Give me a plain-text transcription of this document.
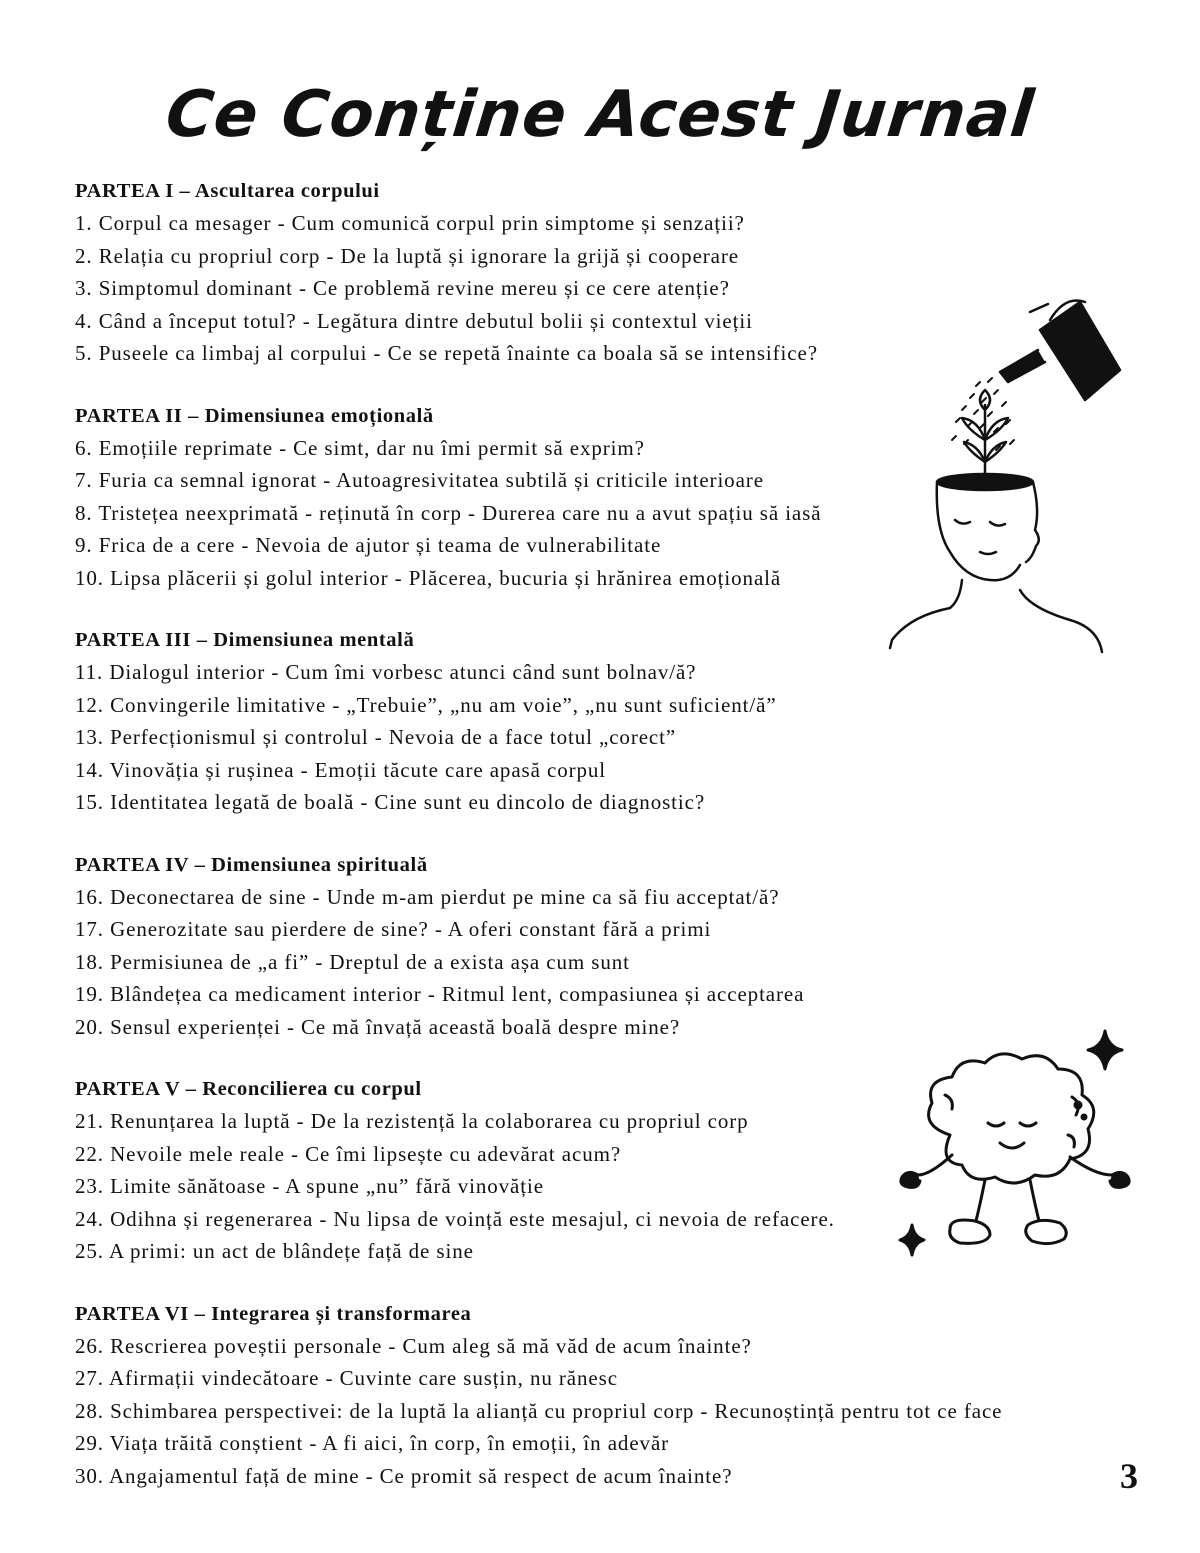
Ce Conține Acest Jurnal

PARTEA I – Ascultarea corpului

1. Corpul ca mesager - Cum comunică corpul prin simptome și senzații?

2. Relația cu propriul corp - De la luptă și ignorare la grijă și cooperare

3. Simptomul dominant - Ce problemă revine mereu și ce cere atenție?

4. Când a început totul? - Legătura dintre debutul bolii și contextul vieții

5. Puseele ca limbaj al corpului - Ce se repetă înainte ca boala să se intensifice?

PARTEA II – Dimensiunea emoțională

6. Emoțiile reprimate - Ce simt, dar nu îmi permit să exprim?

7. Furia ca semnal ignorat - Autoagresivitatea subtilă și criticile interioare

8. Tristețea neexprimată - reținută în corp - Durerea care nu a avut spațiu să iasă

9. Frica de a cere - Nevoia de ajutor și teama de vulnerabilitate

10. Lipsa plăcerii și golul interior - Plăcerea, bucuria și hrănirea emoțională

PARTEA III – Dimensiunea mentală

11. Dialogul interior - Cum îmi vorbesc atunci când sunt bolnav/ă?

12. Convingerile limitative - „Trebuie”, „nu am voie”, „nu sunt suficient/ă”

13. Perfecționismul și controlul - Nevoia de a face totul „corect”

14. Vinovăția și rușinea - Emoții tăcute care apasă corpul

15. Identitatea legată de boală - Cine sunt eu dincolo de diagnostic?

PARTEA IV – Dimensiunea spirituală

16. Deconectarea de sine - Unde m-am pierdut pe mine ca să fiu acceptat/ă?

17. Generozitate sau pierdere de sine? - A oferi constant fără a primi

18. Permisiunea de „a fi” - Dreptul de a exista așa cum sunt

19. Blândețea ca medicament interior - Ritmul lent, compasiunea și acceptarea

20. Sensul experienței - Ce mă învață această boală despre mine?

PARTEA V – Reconcilierea cu corpul

21. Renunțarea la luptă - De la rezistență la colaborarea cu propriul corp

22. Nevoile mele reale - Ce îmi lipsește cu adevărat acum?

23. Limite sănătoase - A spune „nu” fără vinovăție

24. Odihna și regenerarea - Nu lipsa de voință este mesajul, ci nevoia de refacere.

25. A primi: un act de blândețe față de sine

PARTEA VI – Integrarea și transformarea

26. Rescrierea poveștii personale - Cum aleg să mă văd de acum înainte?

27. Afirmații vindecătoare - Cuvinte care susțin, nu rănesc

28. Schimbarea perspectivei: de la luptă la alianță cu propriul corp - Recunoștință pentru tot ce face

29. Viața trăită conștient - A fi aici, în corp, în emoții, în adevăr

30. Angajamentul față de mine - Ce promit să respect de acum înainte?	3
